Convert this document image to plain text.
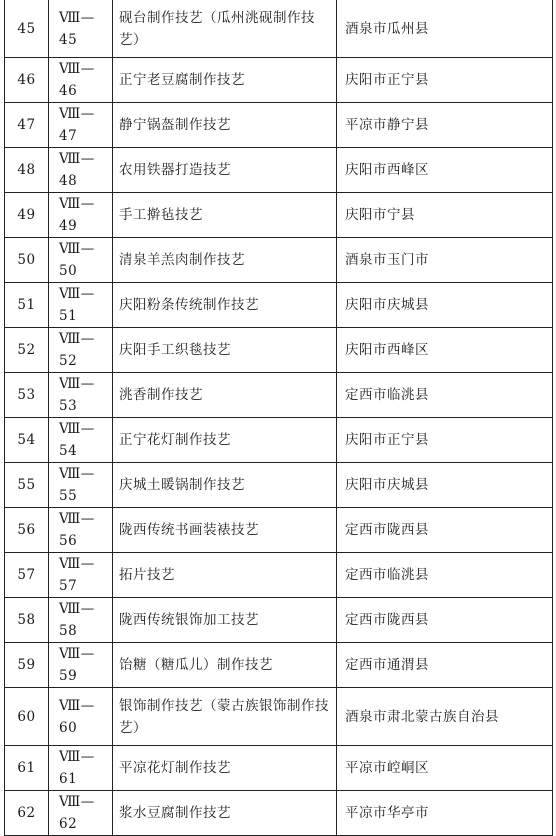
45	Ⅷ—45	砚台制作技艺（瓜州洮砚制作技艺）	酒泉市瓜州县
46	Ⅷ—46	正宁老豆腐制作技艺	庆阳市正宁县
47	Ⅷ—47	静宁锅盔制作技艺	平凉市静宁县
48	Ⅷ—48	农用铁器打造技艺	庆阳市西峰区
49	Ⅷ—49	手工擀毡技艺	庆阳市宁县
50	Ⅷ—50	清泉羊羔肉制作技艺	酒泉市玉门市
51	Ⅷ—51	庆阳粉条传统制作技艺	庆阳市庆城县
52	Ⅷ—52	庆阳手工织毯技艺	庆阳市西峰区
53	Ⅷ—53	洮香制作技艺	定西市临洮县
54	Ⅷ—54	正宁花灯制作技艺	庆阳市正宁县
55	Ⅷ—55	庆城土暖锅制作技艺	庆阳市庆城县
56	Ⅷ—56	陇西传统书画装裱技艺	定西市陇西县
57	Ⅷ—57	拓片技艺	定西市临洮县
58	Ⅷ—58	陇西传统银饰加工技艺	定西市陇西县
59	Ⅷ—59	饴糖（糖瓜儿）制作技艺	定西市通渭县
60	Ⅷ—60	银饰制作技艺（蒙古族银饰制作技艺）	酒泉市肃北蒙古族自治县
61	Ⅷ—61	平凉花灯制作技艺	平凉市崆峒区
62	Ⅷ—62	浆水豆腐制作技艺	平凉市华亭市
